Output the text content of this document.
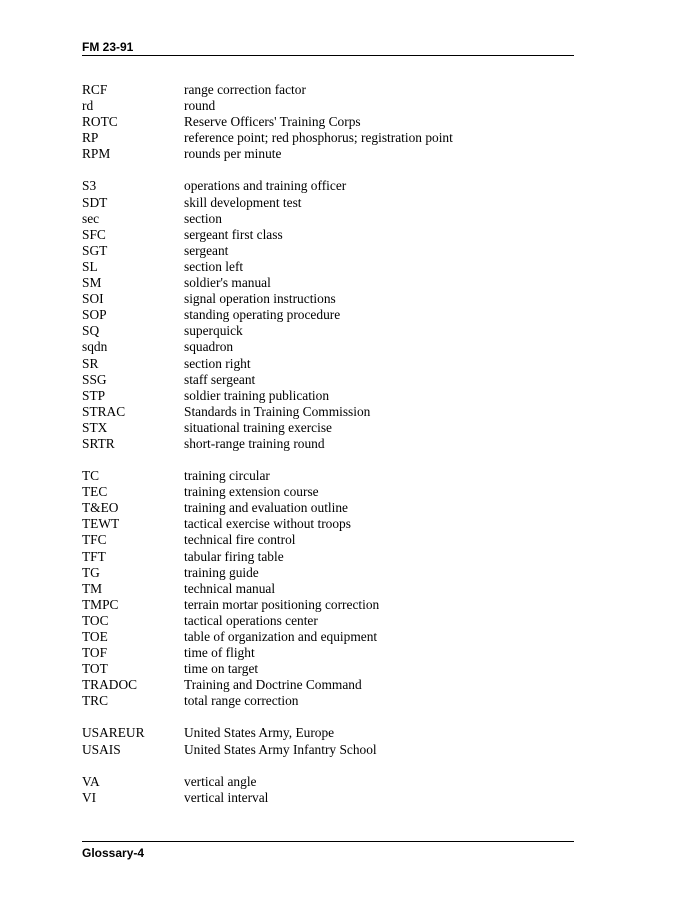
FM 23-91
RCF	range correction factor
rd	round
ROTC	Reserve Officers' Training Corps
RP	reference point; red phosphorus; registration point
RPM	rounds per minute
S3	operations and training officer
SDT	skill development test
sec	section
SFC	sergeant first class
SGT	sergeant
SL	section left
SM	soldier's manual
SOI	signal operation instructions
SOP	standing operating procedure
SQ	superquick
sqdn	squadron
SR	section right
SSG	staff sergeant
STP	soldier training publication
STRAC	Standards in Training Commission
STX	situational training exercise
SRTR	short-range training round
TC	training circular
TEC	training extension course
T&EO	training and evaluation outline
TEWT	tactical exercise without troops
TFC	technical fire control
TFT	tabular firing table
TG	training guide
TM	technical manual
TMPC	terrain mortar positioning correction
TOC	tactical operations center
TOE	table of organization and equipment
TOF	time of flight
TOT	time on target
TRADOC	Training and Doctrine Command
TRC	total range correction
USAREUR	United States Army, Europe
USAIS	United States Army Infantry School
VA	vertical angle
VI	vertical interval
Glossary-4
